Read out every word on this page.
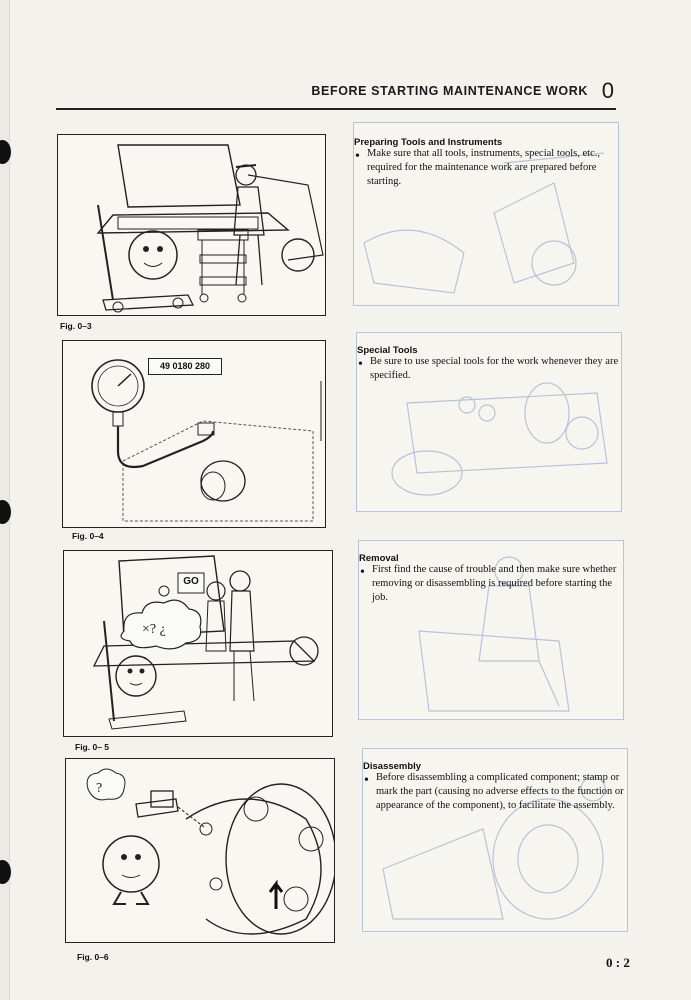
BEFORE STARTING MAINTENANCE WORK 0
Fig. 0–3
49 0180 280
Fig. 0–4
×? ¿
GO
Fig. 0– 5
?
Fig. 0–6
Preparing Tools and Instruments
• Make sure that all tools, instruments, special tools, etc., required for the maintenance work are prepared before starting.
Special Tools
• Be sure to use special tools for the work whenever they are specified.
Removal
• First find the cause of trouble and then make sure whether removing or disassembling is required before starting the job.
Disassembly
• Before disassembling a complicated component; stamp or mark the part (causing no adverse effects to the function or appearance of the component), to facilitate the assembly.
0 : 2
